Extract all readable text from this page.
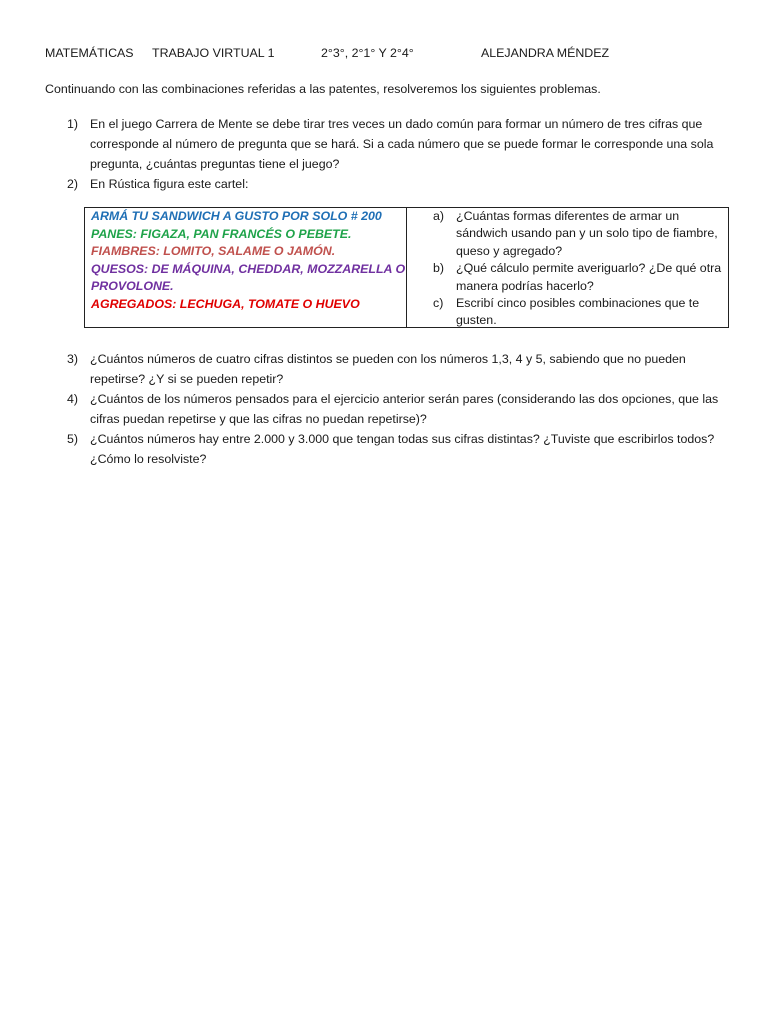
MATEMÁTICAS TRABAJO VIRTUAL 1	2°3°, 2°1° Y 2°4°	ALEJANDRA MÉNDEZ
Continuando con las combinaciones referidas a las patentes, resolveremos los siguientes problemas.
1) En el juego Carrera de Mente se debe tirar tres veces un dado común para formar un número de tres cifras que corresponde al número de pregunta que se hará. Si a cada número que se puede formar le corresponde una sola pregunta, ¿cuántas preguntas tiene el juego?
2) En Rústica figura este cartel:
ARMÁ TU SANDWICH A GUSTO POR SOLO # 200
PANES: FIGAZA, PAN FRANCÉS O PEBETE.
FIAMBRES: LOMITO, SALAME O JAMÓN.
QUESOS: DE MÁQUINA, CHEDDAR, MOZZARELLA O
PROVOLONE.
AGREGADOS: LECHUGA, TOMATE O HUEVO
a) ¿Cuántas formas diferentes de armar un sándwich usando pan y un solo tipo de fiambre, queso y agregado?
b) ¿Qué cálculo permite averiguarlo? ¿De qué otra manera podrías hacerlo?
c) Escribí cinco posibles combinaciones que te gusten.
3) ¿Cuántos números de cuatro cifras distintos se pueden con los números 1,3, 4 y 5, sabiendo que no pueden repetirse? ¿Y si se pueden repetir?
4) ¿Cuántos de los números pensados para el ejercicio anterior serán pares (considerando las dos opciones, que las cifras puedan repetirse y que las cifras no puedan repetirse)?
5) ¿Cuántos números hay entre 2.000 y 3.000 que tengan todas sus cifras distintas? ¿Tuviste que escribirlos todos? ¿Cómo lo resolviste?
